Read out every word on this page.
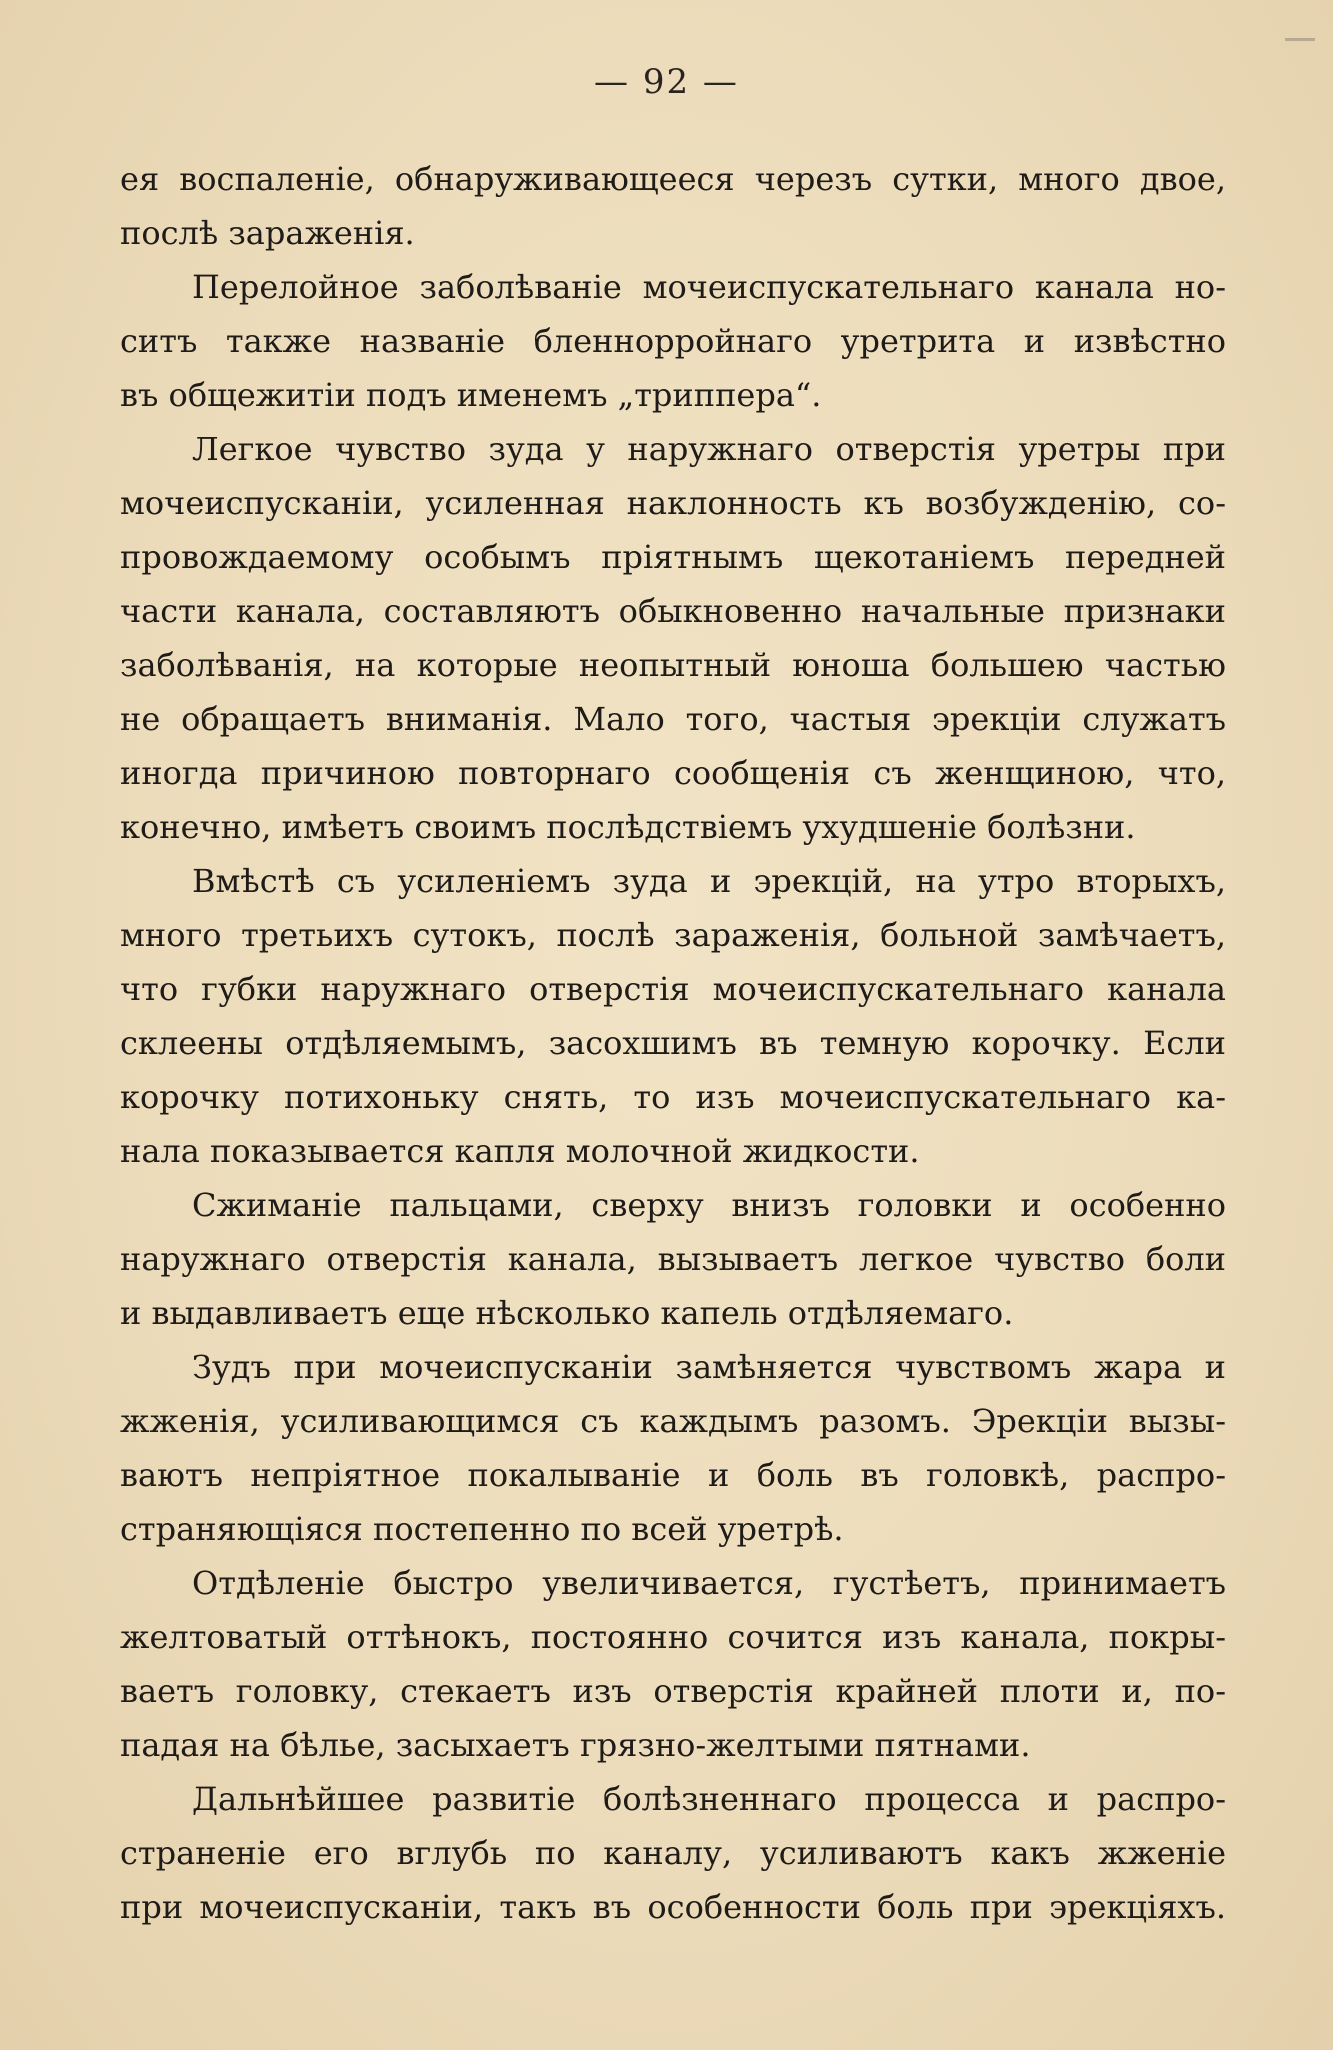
— 92 —

ея воспаленіе, обнаруживающееся черезъ сутки, много двое,
послѣ зараженія.

Перелойное заболѣваніе мочеиспускательнаго канала но-
ситъ также названіе бленнорройнаго уретрита и извѣстно
въ общежитіи подъ именемъ „триппера“.

Легкое чувство зуда у наружнаго отверстія уретры при
мочеиспусканіи, усиленная наклонность къ возбужденію, со-
провождаемому особымъ пріятнымъ щекотаніемъ передней
части канала, составляютъ обыкновенно начальные признаки
заболѣванія, на которые неопытный юноша большею частью
не обращаетъ вниманія. Мало того, частыя эрекціи служатъ
иногда причиною повторнаго сообщенія съ женщиною, что,
конечно, имѣетъ своимъ послѣдствіемъ ухудшеніе болѣзни.

Вмѣстѣ съ усиленіемъ зуда и эрекцій, на утро вторыхъ,
много третьихъ сутокъ, послѣ зараженія, больной замѣчаетъ,
что губки наружнаго отверстія мочеиспускательнаго канала
склеены отдѣляемымъ, засохшимъ въ темную корочку. Если
корочку потихоньку снять, то изъ мочеиспускательнаго ка-
нала показывается капля молочной жидкости.

Сжиманіе пальцами, сверху внизъ головки и особенно
наружнаго отверстія канала, вызываетъ легкое чувство боли
и выдавливаетъ еще нѣсколько капель отдѣляемаго.

Зудъ при мочеиспусканіи замѣняется чувствомъ жара и
жженія, усиливающимся съ каждымъ разомъ. Эрекціи вызы-
ваютъ непріятное покалываніе и боль въ головкѣ, распро-
страняющіяся постепенно по всей уретрѣ.

Отдѣленіе быстро увеличивается, густѣетъ, принимаетъ
желтоватый оттѣнокъ, постоянно сочится изъ канала, покры-
ваетъ головку, стекаетъ изъ отверстія крайней плоти и, по-
падая на бѣлье, засыхаетъ грязно-желтыми пятнами.

Дальнѣйшее развитіе болѣзненнаго процесса и распро-
страненіе его вглубь по каналу, усиливаютъ какъ жженіе
при мочеиспусканіи, такъ въ особенности боль при эрекціяхъ.
